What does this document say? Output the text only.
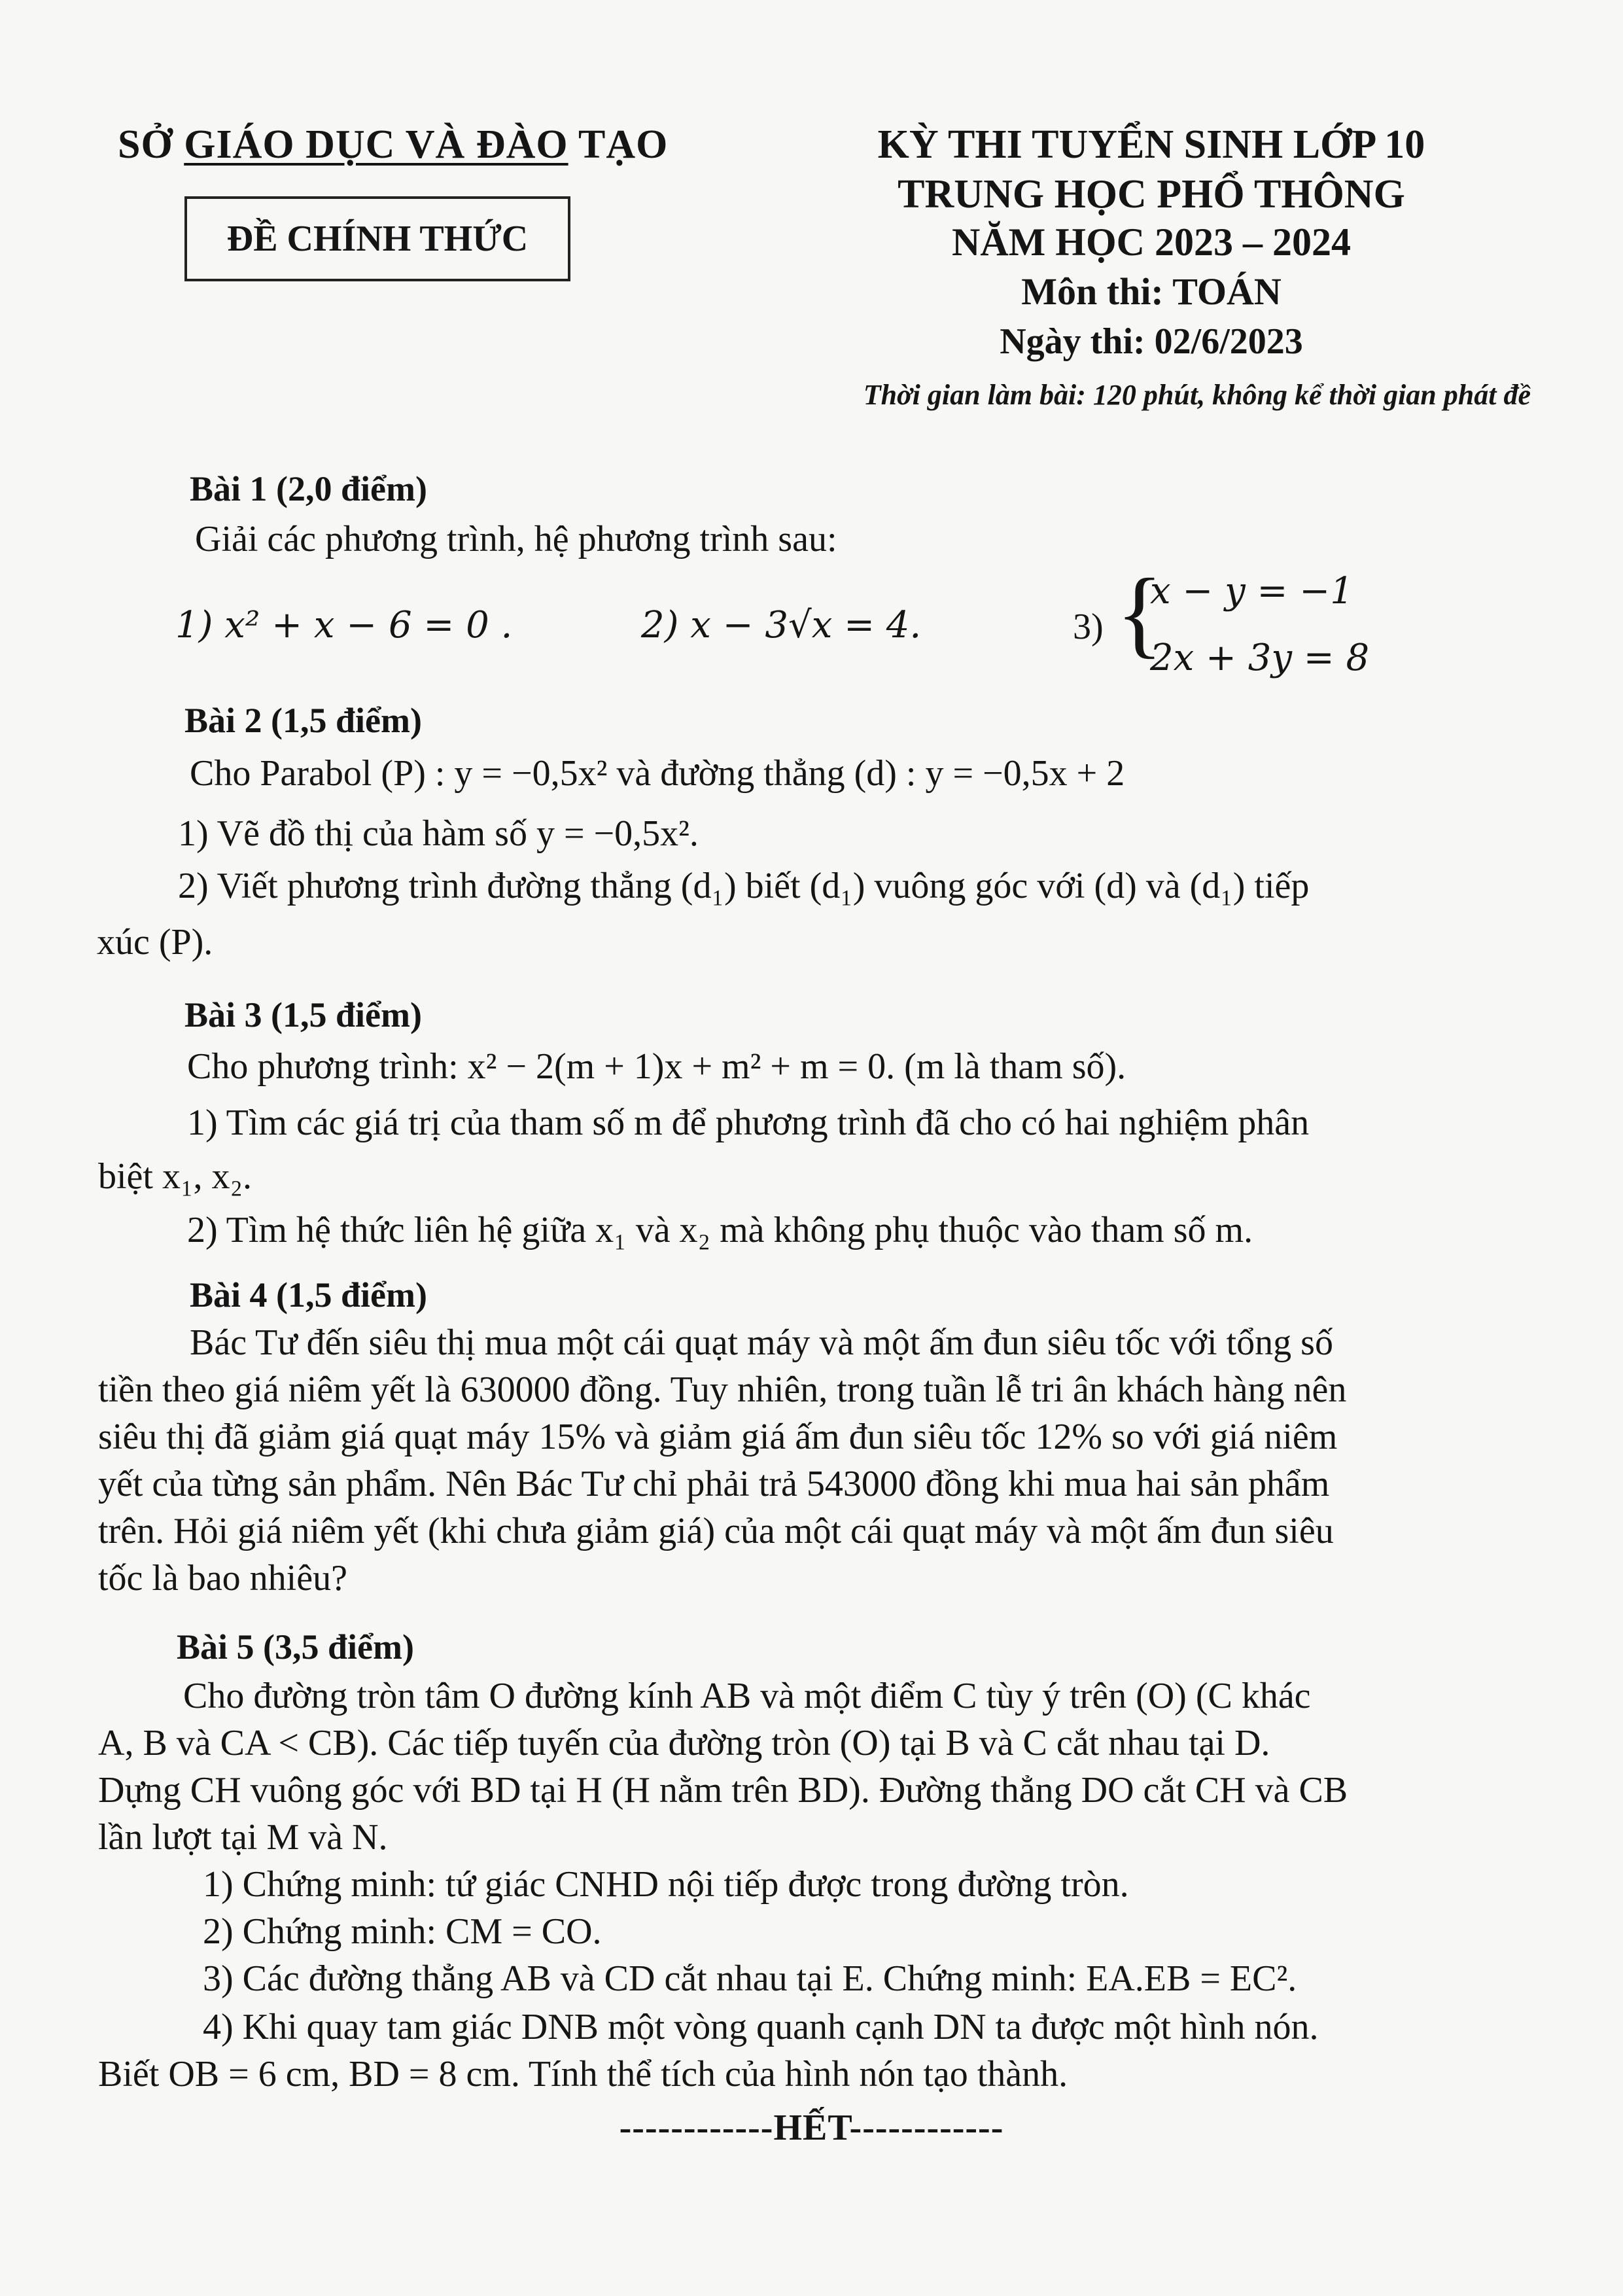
SỞ GIÁO DỤC VÀ ĐÀO TẠO
ĐỀ CHÍNH THỨC
KỲ THI TUYỂN SINH LỚP 10
TRUNG HỌC PHỔ THÔNG
NĂM HỌC 2023 – 2024
Môn thi: TOÁN
Ngày thi: 02/6/2023
Thời gian làm bài: 120 phút, không kể thời gian phát đề
Bài 1 (2,0 điểm)
Giải các phương trình, hệ phương trình sau:
1) x² + x − 6 = 0 .	2) x − 3√x = 4.	3) {
x − y = −1
2x + 3y = 8
Bài 2 (1,5 điểm)
Cho Parabol (P) : y = −0,5x² và đường thẳng (d) : y = −0,5x + 2
1) Vẽ đồ thị của hàm số y = −0,5x².
2) Viết phương trình đường thẳng (d₁) biết (d₁) vuông góc với (d) và (d₁) tiếp
xúc (P).
Bài 3 (1,5 điểm)
Cho phương trình: x² − 2(m + 1)x + m² + m = 0. (m là tham số).
1) Tìm các giá trị của tham số m để phương trình đã cho có hai nghiệm phân
biệt x₁, x₂.
2) Tìm hệ thức liên hệ giữa x₁ và x₂ mà không phụ thuộc vào tham số m.
Bài 4 (1,5 điểm)
Bác Tư đến siêu thị mua một cái quạt máy và một ấm đun siêu tốc với tổng số
tiền theo giá niêm yết là 630000 đồng. Tuy nhiên, trong tuần lễ tri ân khách hàng nên
siêu thị đã giảm giá quạt máy 15% và giảm giá ấm đun siêu tốc 12% so với giá niêm
yết của từng sản phẩm. Nên Bác Tư chỉ phải trả 543000 đồng khi mua hai sản phẩm
trên. Hỏi giá niêm yết (khi chưa giảm giá) của một cái quạt máy và một ấm đun siêu
tốc là bao nhiêu?
Bài 5 (3,5 điểm)
Cho đường tròn tâm O đường kính AB và một điểm C tùy ý trên (O) (C khác
A, B và CA < CB). Các tiếp tuyến của đường tròn (O) tại B và C cắt nhau tại D.
Dựng CH vuông góc với BD tại H (H nằm trên BD). Đường thẳng DO cắt CH và CB
lần lượt tại M và N.
1) Chứng minh: tứ giác CNHD nội tiếp được trong đường tròn.
2) Chứng minh: CM = CO.
3) Các đường thẳng AB và CD cắt nhau tại E. Chứng minh: EA.EB = EC².
4) Khi quay tam giác DNB một vòng quanh cạnh DN ta được một hình nón.
Biết OB = 6 cm, BD = 8 cm. Tính thể tích của hình nón tạo thành.
------------HẾT------------
